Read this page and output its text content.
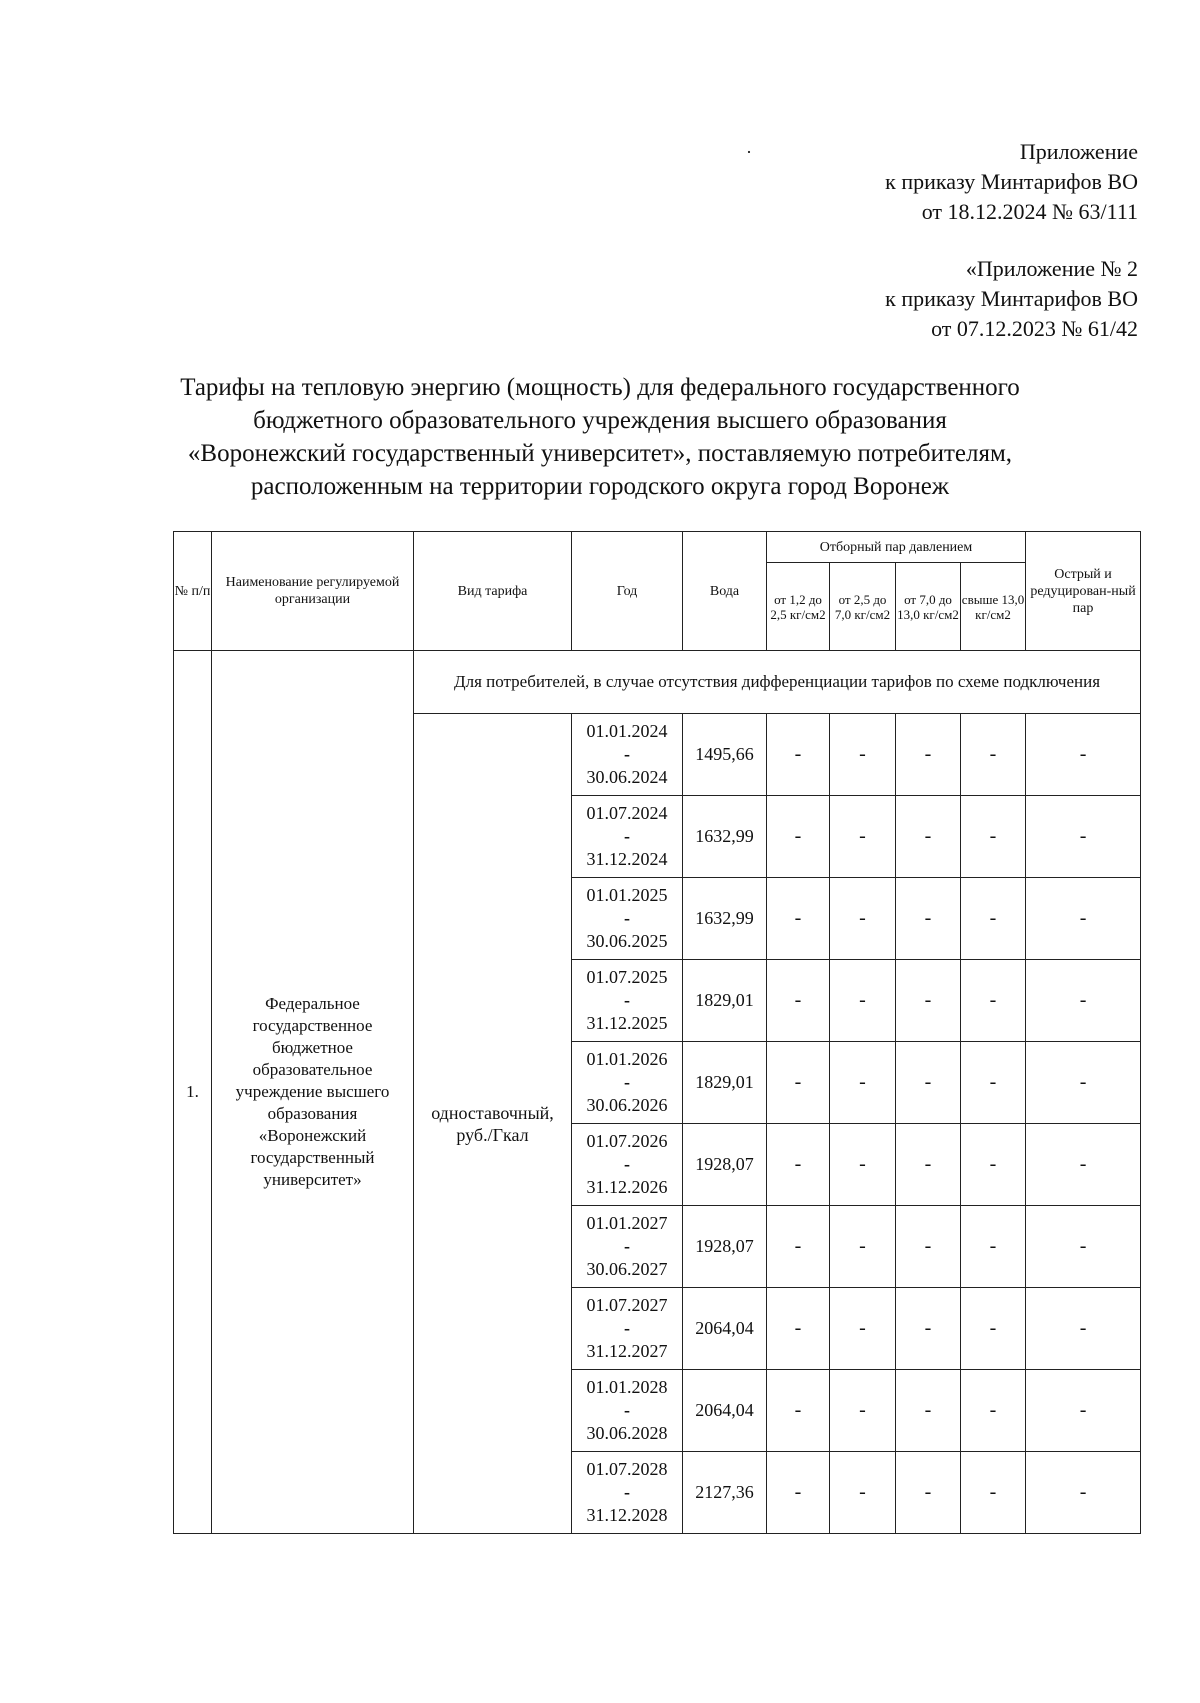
Приложение
к приказу Минтарифов ВО
от 18.12.2024 № 63/111
«Приложение № 2
к приказу Минтарифов ВО
от 07.12.2023 № 61/42
Тарифы на тепловую энергию (мощность) для федерального государственного
бюджетного образовательного учреждения высшего образования
«Воронежский государственный университет», поставляемую потребителям,
расположенным на территории городского округа город Воронеж
№ п/п	Наименование регулируемой организации	Вид тарифа	Год	Вода	Отборный пар давлением				Острый и редуцирован-ный пар
					от 1,2 до 2,5 кг/см2	от 2,5 до 7,0 кг/см2	от 7,0 до 13,0 кг/см2	свыше 13,0 кг/см2	
1.	Федеральное государственное бюджетное образовательное учреждение высшего образования «Воронежский государственный университет»	Для потребителей, в случае отсутствия дифференциации тарифов по схеме подключения							
		одноставочный, руб./Гкал	01.01.2024
-
30.06.2024	1495,66	-	-	-	-	-

			01.07.2024
-
31.12.2024	1632,99	-	-	-	-	-

			01.01.2025
-
30.06.2025	1632,99	-	-	-	-	-

			01.07.2025
-
31.12.2025	1829,01	-	-	-	-	-

			01.01.2026
-
30.06.2026	1829,01	-	-	-	-	-

			01.07.2026
-
31.12.2026	1928,07	-	-	-	-	-

			01.01.2027
-
30.06.2027	1928,07	-	-	-	-	-

			01.07.2027
-
31.12.2027	2064,04	-	-	-	-	-

			01.01.2028
-
30.06.2028	2064,04	-	-	-	-	-

			01.07.2028
-
31.12.2028	2127,36	-	-	-	-	-
·
